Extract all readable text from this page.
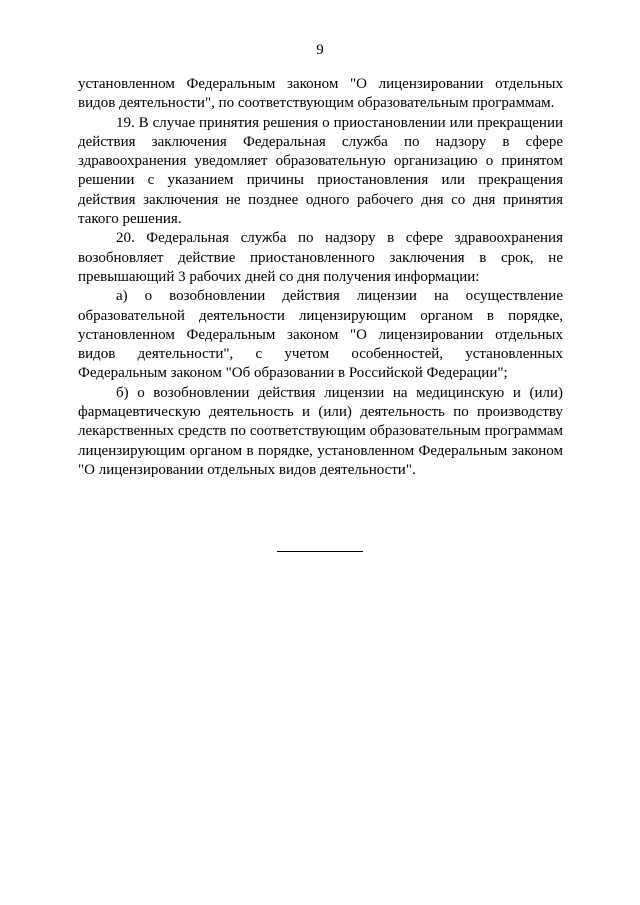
9

установленном Федеральным законом "О лицензировании отдельных видов деятельности", по соответствующим образовательным программам.

19. В случае принятия решения о приостановлении или прекращении действия заключения Федеральная служба по надзору в сфере здравоохранения уведомляет образовательную организацию о принятом решении с указанием причины приостановления или прекращения действия заключения не позднее одного рабочего дня со дня принятия такого решения.

20. Федеральная служба по надзору в сфере здравоохранения возобновляет действие приостановленного заключения в срок, не превышающий 3 рабочих дней со дня получения информации:

а) о возобновлении действия лицензии на осуществление образовательной деятельности лицензирующим органом в порядке, установленном Федеральным законом "О лицензировании отдельных видов деятельности", с учетом особенностей, установленных Федеральным законом "Об образовании в Российской Федерации";

б) о возобновлении действия лицензии на медицинскую и (или) фармацевтическую деятельность и (или) деятельность по производству лекарственных средств по соответствующим образовательным программам лицензирующим органом в порядке, установленном Федеральным законом "О лицензировании отдельных видов деятельности".
